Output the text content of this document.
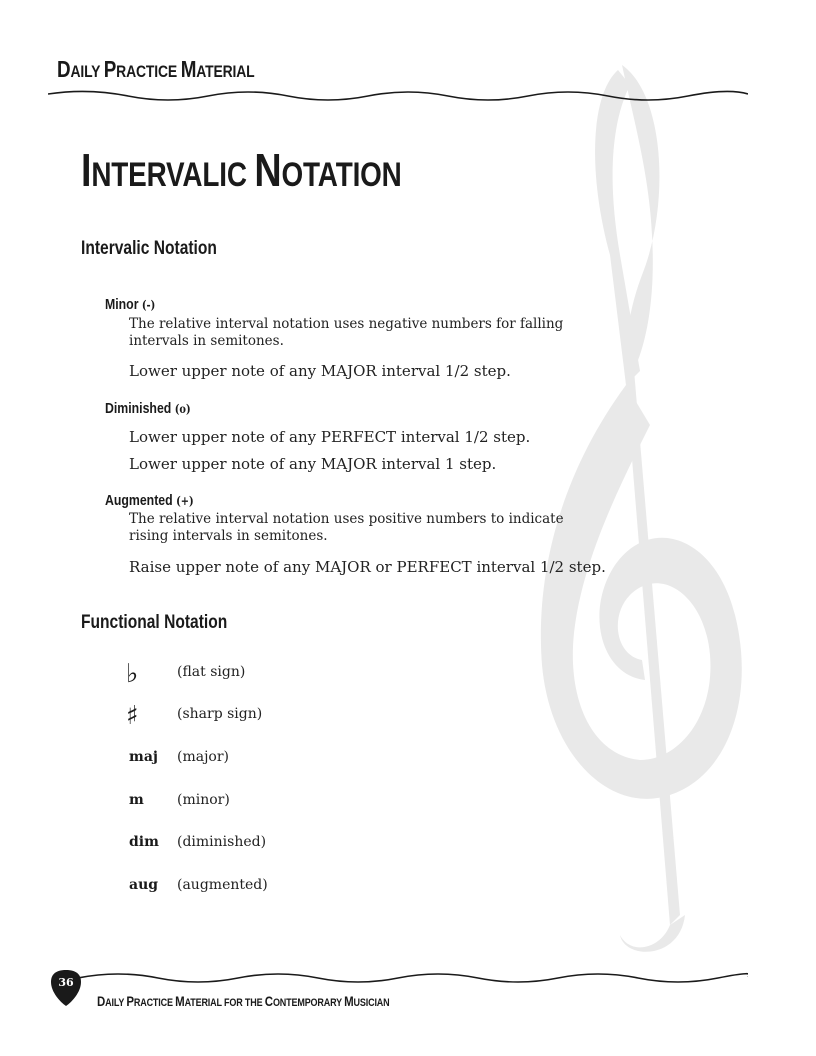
DAILY PRACTICE MATERIAL
INTERVALIC NOTATION
Intervalic Notation
Minor (-)
The relative interval notation uses negative numbers for falling intervals in semitones.
Lower upper note of any MAJOR interval 1/2 step.
Diminished (o)
Lower upper note of any PERFECT interval 1/2 step.
Lower upper note of any MAJOR interval 1 step.
Augmented (+)
The relative interval notation uses positive numbers to indicate rising intervals in semitones.
Raise upper note of any MAJOR or PERFECT interval 1/2 step.
Functional Notation
♭	(flat sign)
♯	(sharp sign)
maj (major)
m (minor)
dim (diminished)
aug (augmented)
36
DAILY PRACTICE MATERIAL FOR THE CONTEMPORARY MUSICIAN
